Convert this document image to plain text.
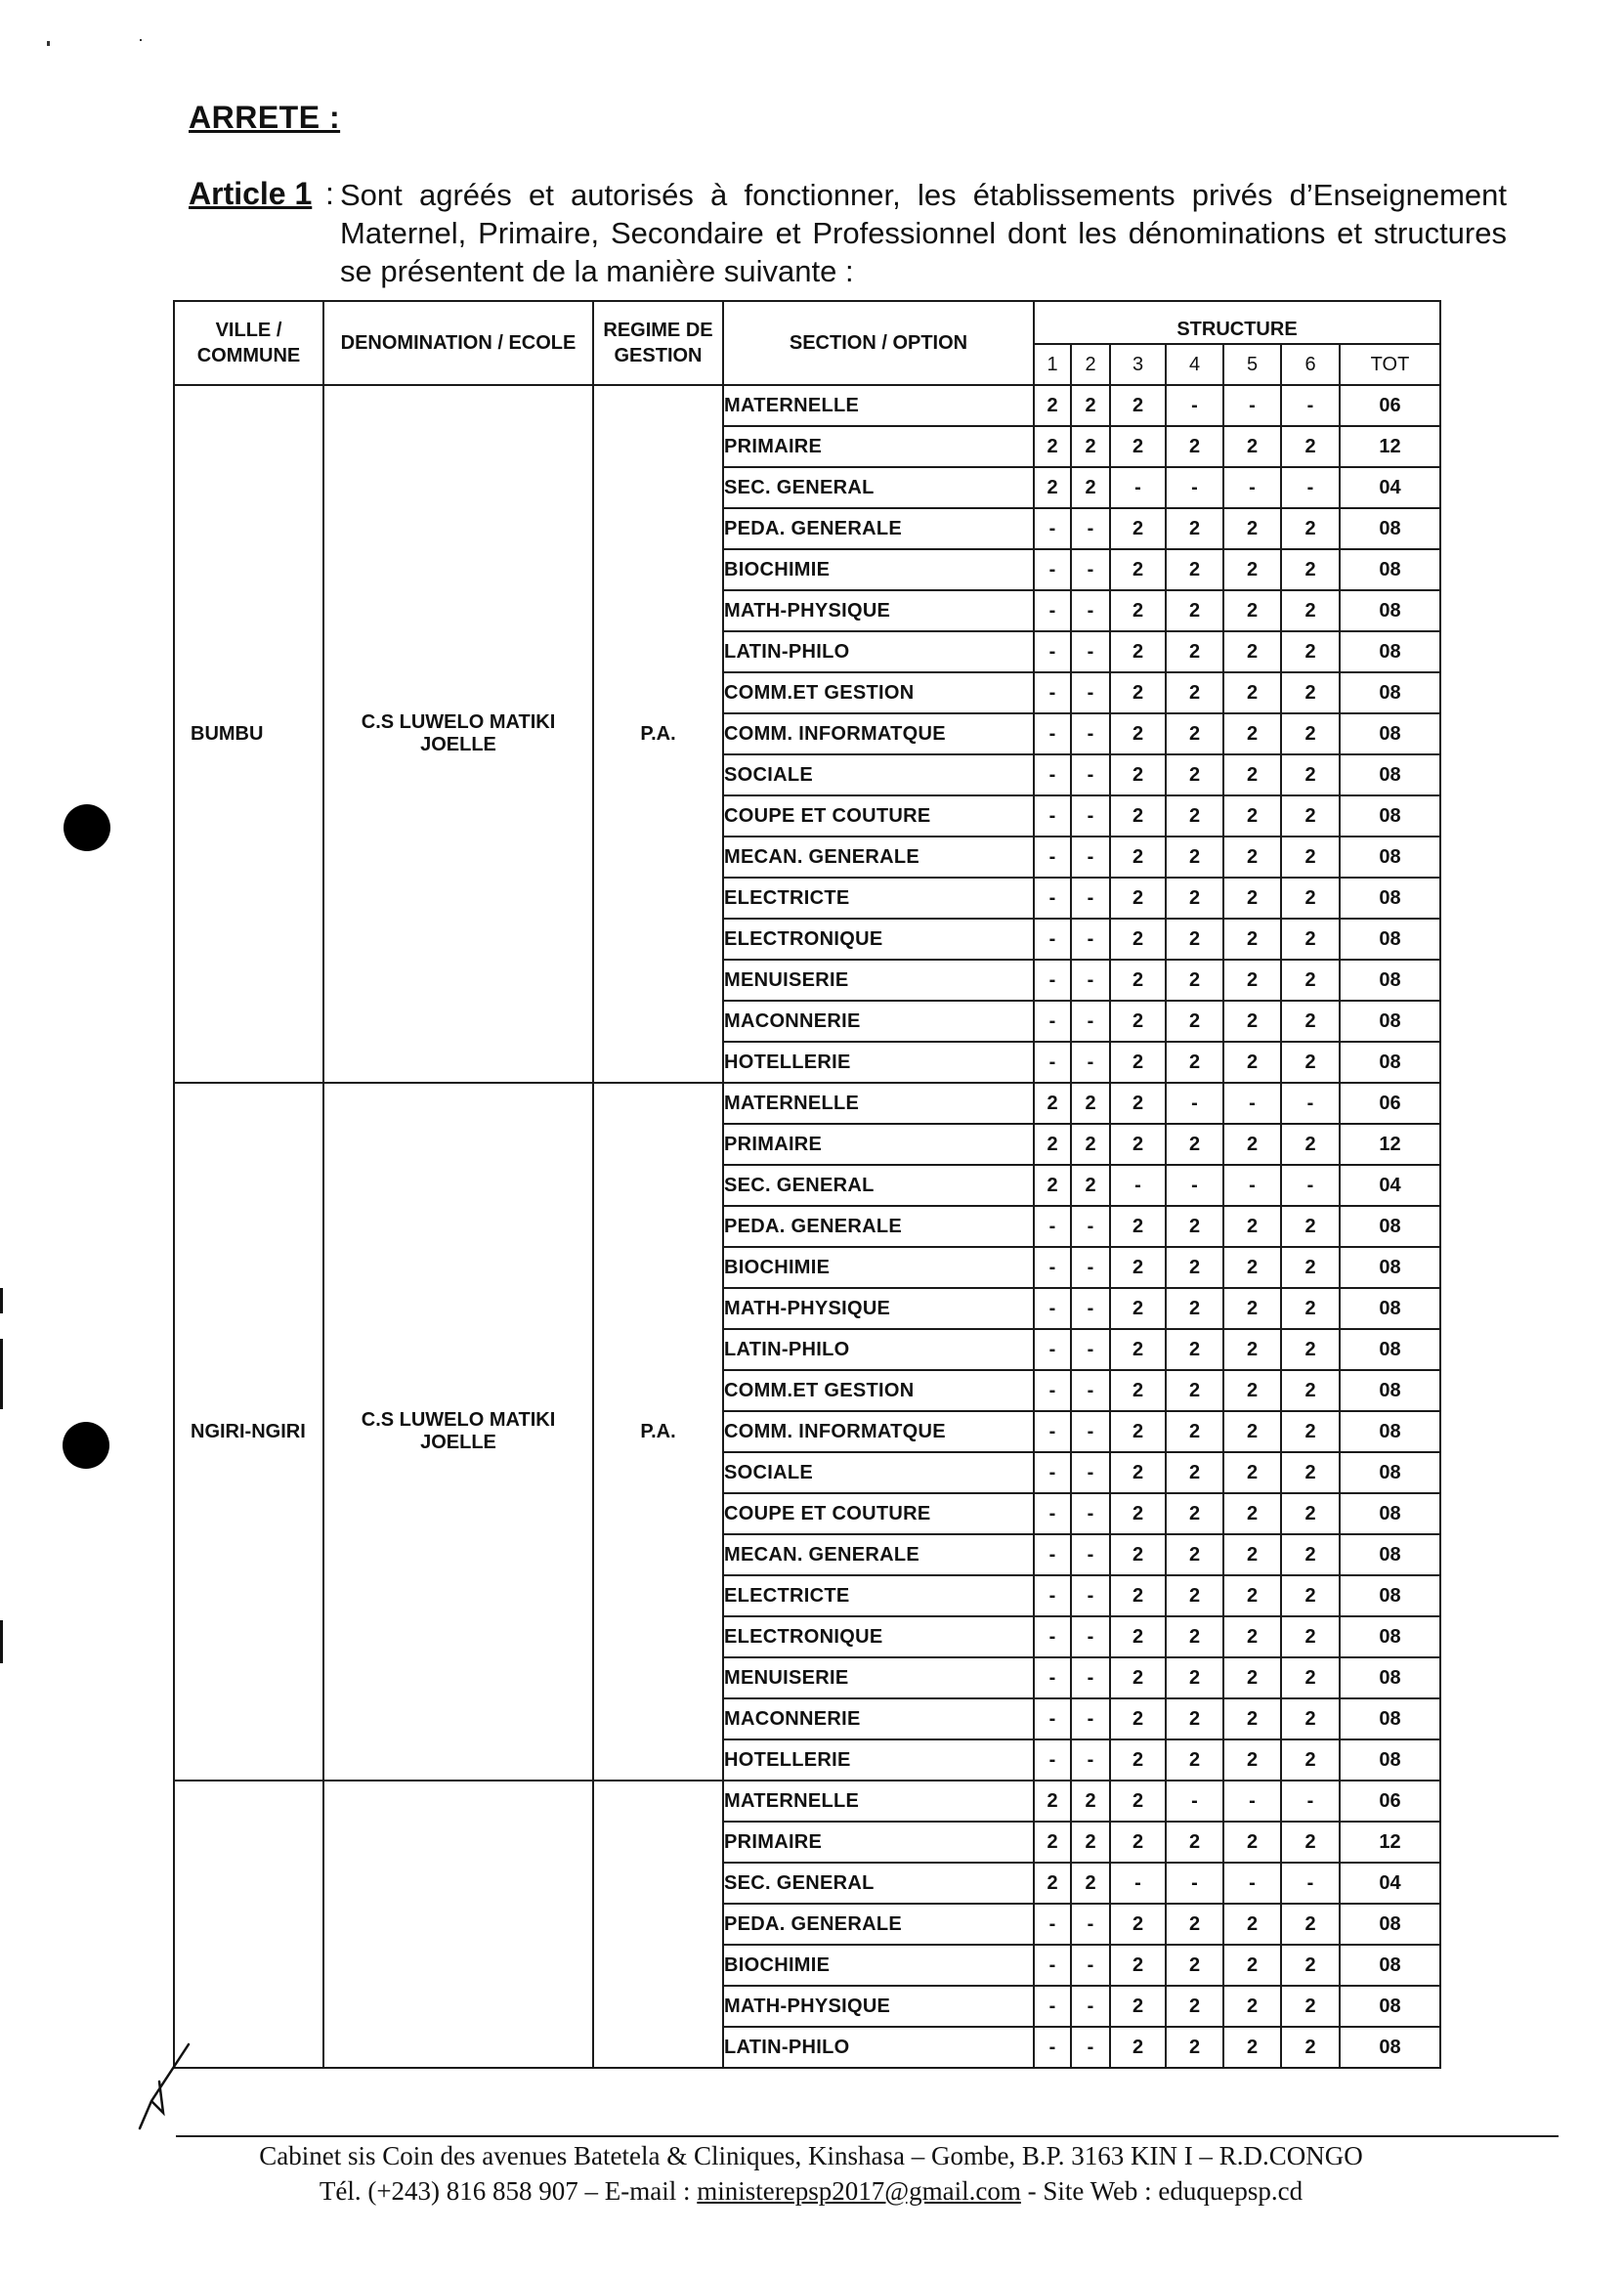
ARRETE :
Article 1 : Sont agréés et autorisés à fonctionner, les établissements privés d’Enseignement Maternel, Primaire, Secondaire et Professionnel dont les dénominations et structures se présentent de la manière suivante :
VILLE / COMMUNE	DENOMINATION / ECOLE	REGIME DE GESTION	SECTION / OPTION	STRUCTURE						
				1	2	3	4	5	6	TOT
BUMBU	C.S LUWELO MATIKI JOELLE	P.A.	MATERNELLE	2	2	2	-	-	-	06
			PRIMAIRE	2	2	2	2	2	2	12
			SEC. GENERAL	2	2	-	-	-	-	04
			PEDA. GENERALE	-	-	2	2	2	2	08
			BIOCHIMIE	-	-	2	2	2	2	08
			MATH-PHYSIQUE	-	-	2	2	2	2	08
			LATIN-PHILO	-	-	2	2	2	2	08
			COMM.ET GESTION	-	-	2	2	2	2	08
			COMM. INFORMATQUE	-	-	2	2	2	2	08
			SOCIALE	-	-	2	2	2	2	08
			COUPE ET COUTURE	-	-	2	2	2	2	08
			MECAN. GENERALE	-	-	2	2	2	2	08
			ELECTRICTE	-	-	2	2	2	2	08
			ELECTRONIQUE	-	-	2	2	2	2	08
			MENUISERIE	-	-	2	2	2	2	08
			MACONNERIE	-	-	2	2	2	2	08
			HOTELLERIE	-	-	2	2	2	2	08
NGIRI-NGIRI	C.S LUWELO MATIKI JOELLE	P.A.	MATERNELLE	2	2	2	-	-	-	06
			PRIMAIRE	2	2	2	2	2	2	12
			SEC. GENERAL	2	2	-	-	-	-	04
			PEDA. GENERALE	-	-	2	2	2	2	08
			BIOCHIMIE	-	-	2	2	2	2	08
			MATH-PHYSIQUE	-	-	2	2	2	2	08
			LATIN-PHILO	-	-	2	2	2	2	08
			COMM.ET GESTION	-	-	2	2	2	2	08
			COMM. INFORMATQUE	-	-	2	2	2	2	08
			SOCIALE	-	-	2	2	2	2	08
			COUPE ET COUTURE	-	-	2	2	2	2	08
			MECAN. GENERALE	-	-	2	2	2	2	08
			ELECTRICTE	-	-	2	2	2	2	08
			ELECTRONIQUE	-	-	2	2	2	2	08
			MENUISERIE	-	-	2	2	2	2	08
			MACONNERIE	-	-	2	2	2	2	08
			HOTELLERIE	-	-	2	2	2	2	08
			MATERNELLE	2	2	2	-	-	-	06
			PRIMAIRE	2	2	2	2	2	2	12
			SEC. GENERAL	2	2	-	-	-	-	04
			PEDA. GENERALE	-	-	2	2	2	2	08
			BIOCHIMIE	-	-	2	2	2	2	08
			MATH-PHYSIQUE	-	-	2	2	2	2	08
			LATIN-PHILO	-	-	2	2	2	2	08
Cabinet sis Coin des avenues Batetela & Cliniques, Kinshasa – Gombe, B.P. 3163 KIN I – R.D.CONGO
Tél. (+243) 816 858 907 – E-mail : ministerepsp2017@gmail.com - Site Web : eduquepsp.cd
